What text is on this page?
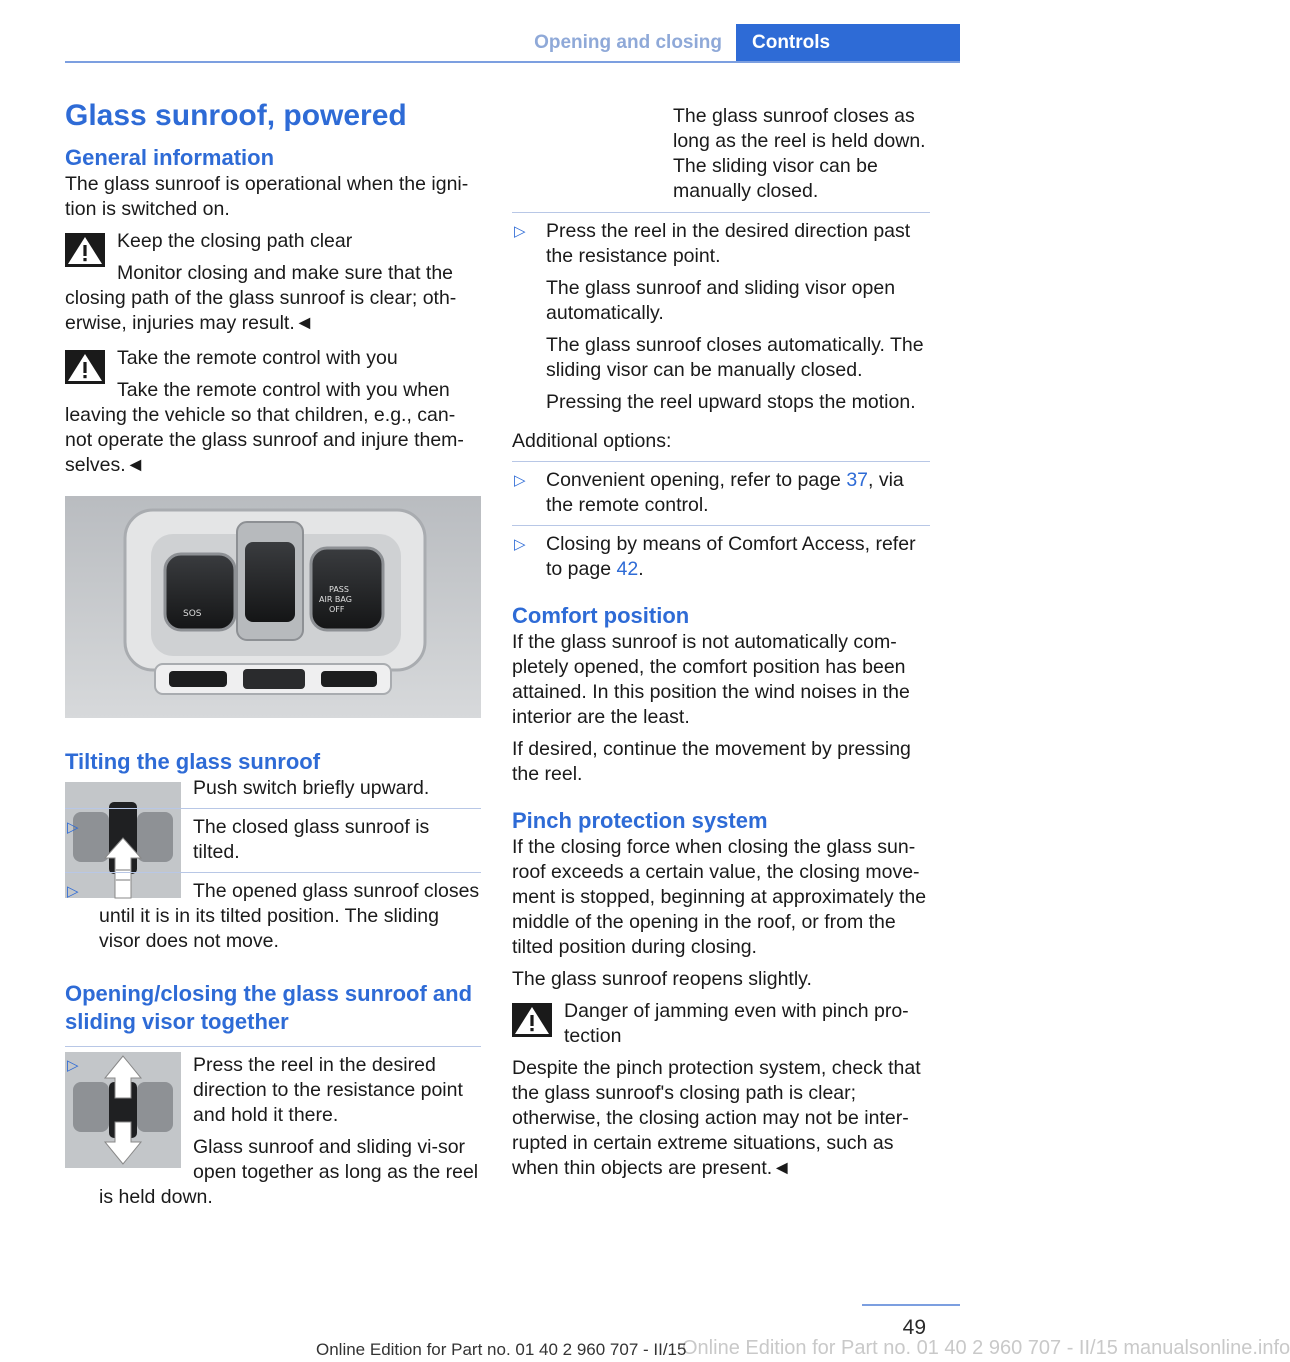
Opening and closing	Controls
Glass sunroof, powered
General information

The glass sunroof is operational when the igni-tion is switched on.

Keep the closing path clear
Monitor closing and make sure that the closing path of the glass sunroof is clear; oth-erwise, injuries may result.◄
Take the remote control with you
Take the remote control with you when leaving the vehicle so that children, e.g., can-not operate the glass sunroof and injure them-selves.◄
SOS
PASS
AIR BAG
OFF
Tilting the glass sunroof

Push switch briefly upward.

▷	The closed glass sunroof is tilted.

▷	The opened glass sunroof closes until it is in its tilted position. The sliding visor does not move.

Opening/closing the glass sunroof and sliding visor together
▷	Press the reel in the desired direction to the resistance point and hold it there.

Glass sunroof and sliding vi-sor open together as long as the reel is held down.

The glass sunroof closes as long as the reel is held down. The sliding visor can be manually closed.

▷ Press the reel in the desired direction past the resistance point.

The glass sunroof and sliding visor open automatically.

The glass sunroof closes automatically. The sliding visor can be manually closed.

Pressing the reel upward stops the motion.

Additional options:

▷ Convenient opening, refer to page 37, via the remote control.

▷ Closing by means of Comfort Access, refer to page 42.

Comfort position

If the glass sunroof is not automatically com-pletely opened, the comfort position has been attained. In this position the wind noises in the interior are the least.

If desired, continue the movement by pressing the reel.

Pinch protection system

If the closing force when closing the glass sun-roof exceeds a certain value, the closing move-ment is stopped, beginning at approximately the middle of the opening in the roof, or from the tilted position during closing.

The glass sunroof reopens slightly.

Danger of jamming even with pinch pro-tection
Despite the pinch protection system, check that the glass sunroof's closing path is clear; otherwise, the closing action may not be inter-rupted in certain extreme situations, such as when thin objects are present.◄
49
Online Edition for Part no. 01 40 2 960 707 - II/15 manualsonline.info
Online Edition for Part no. 01 40 2 960 707 - II/15
